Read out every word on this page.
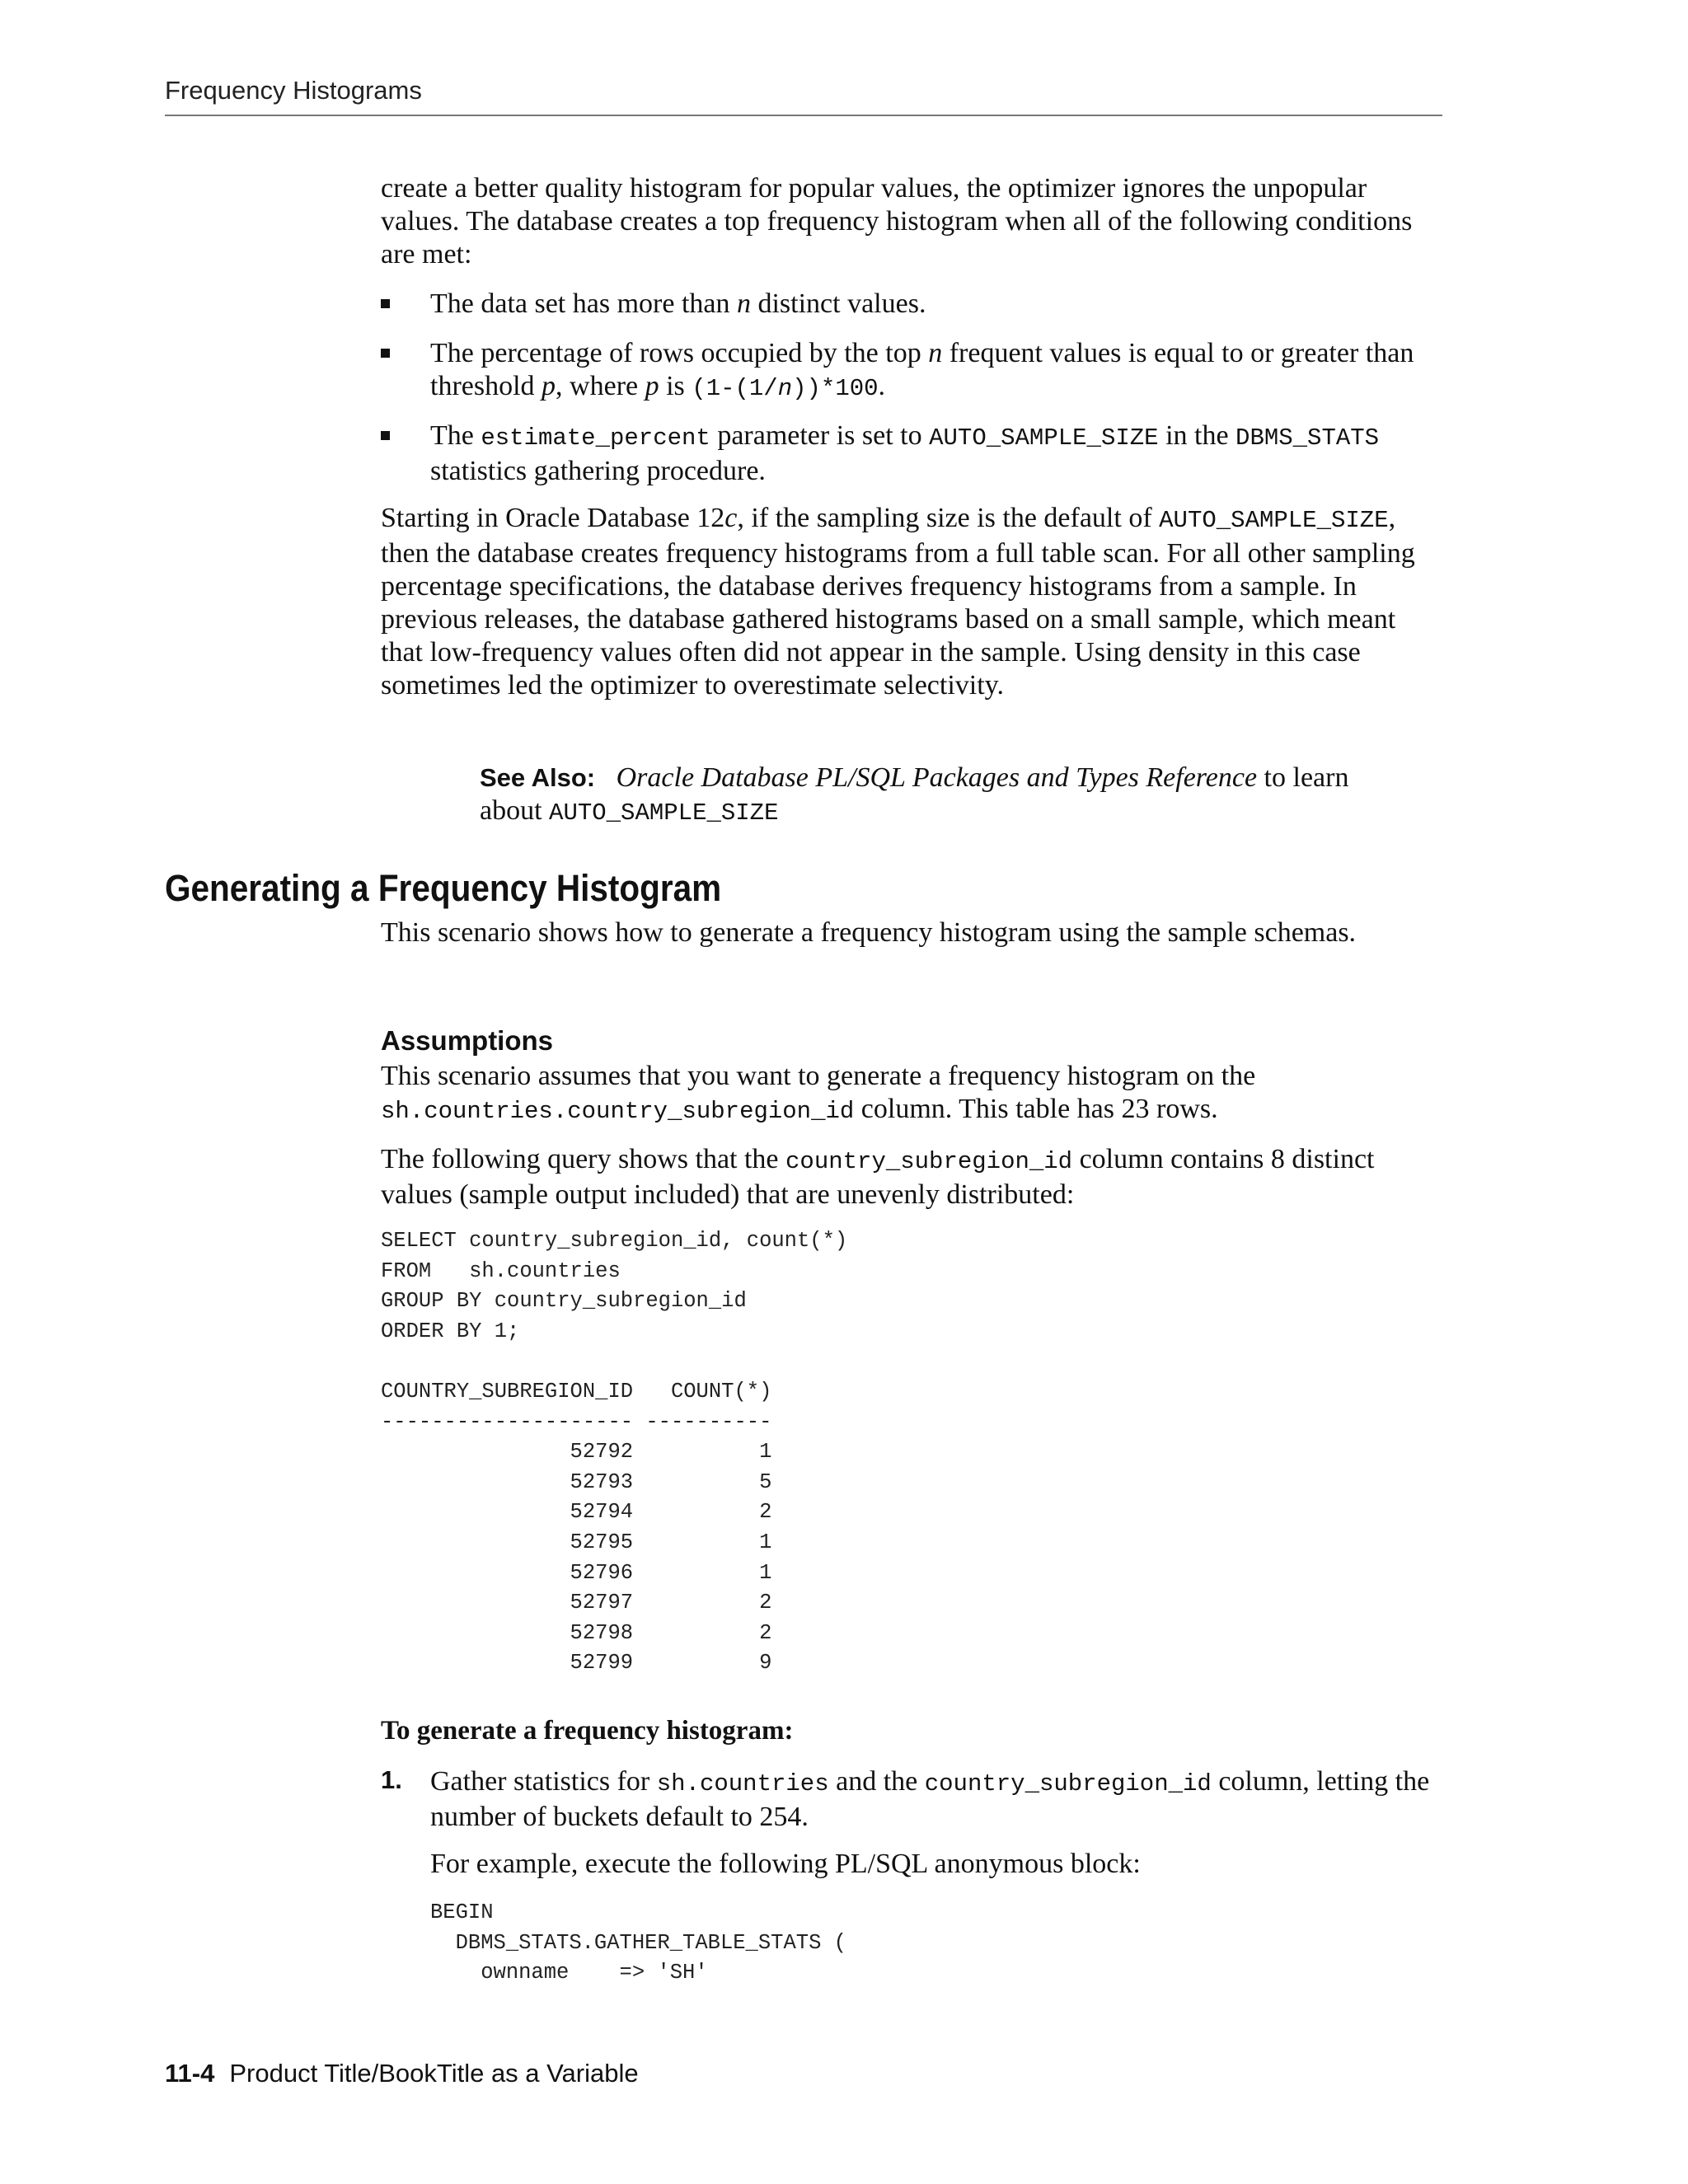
Frequency Histograms

create a better quality histogram for popular values, the optimizer ignores the unpopular values. The database creates a top frequency histogram when all of the following conditions are met:

The data set has more than n distinct values.

The percentage of rows occupied by the top n frequent values is equal to or greater than threshold p, where p is (1-(1/n))*100.

The estimate_percent parameter is set to AUTO_SAMPLE_SIZE in the DBMS_STATS statistics gathering procedure.

Starting in Oracle Database 12c, if the sampling size is the default of AUTO_SAMPLE_SIZE, then the database creates frequency histograms from a full table scan. For all other sampling percentage specifications, the database derives frequency histograms from a sample. In previous releases, the database gathered histograms based on a small sample, which meant that low-frequency values often did not appear in the sample. Using density in this case sometimes led the optimizer to overestimate selectivity.

See Also: Oracle Database PL/SQL Packages and Types Reference to learn about AUTO_SAMPLE_SIZE

Generating a Frequency Histogram

This scenario shows how to generate a frequency histogram using the sample schemas.

Assumptions

This scenario assumes that you want to generate a frequency histogram on the sh.countries.country_subregion_id column. This table has 23 rows.

The following query shows that the country_subregion_id column contains 8 distinct values (sample output included) that are unevenly distributed:

SELECT country_subregion_id, count(*)
FROM   sh.countries
GROUP BY country_subregion_id
ORDER BY 1;

COUNTRY_SUBREGION_ID   COUNT(*)
-------------------- ----------
52792          1
52793          5
52794          2
52795          1
52796          1
52797          2
52798          2
52799          9

To generate a frequency histogram:

1. Gather statistics for sh.countries and the country_subregion_id column, letting the number of buckets default to 254.

For example, execute the following PL/SQL anonymous block:

BEGIN
DBMS_STATS.GATHER_TABLE_STATS (
ownname    => 'SH'
11-4 Product Title/BookTitle as a Variable
